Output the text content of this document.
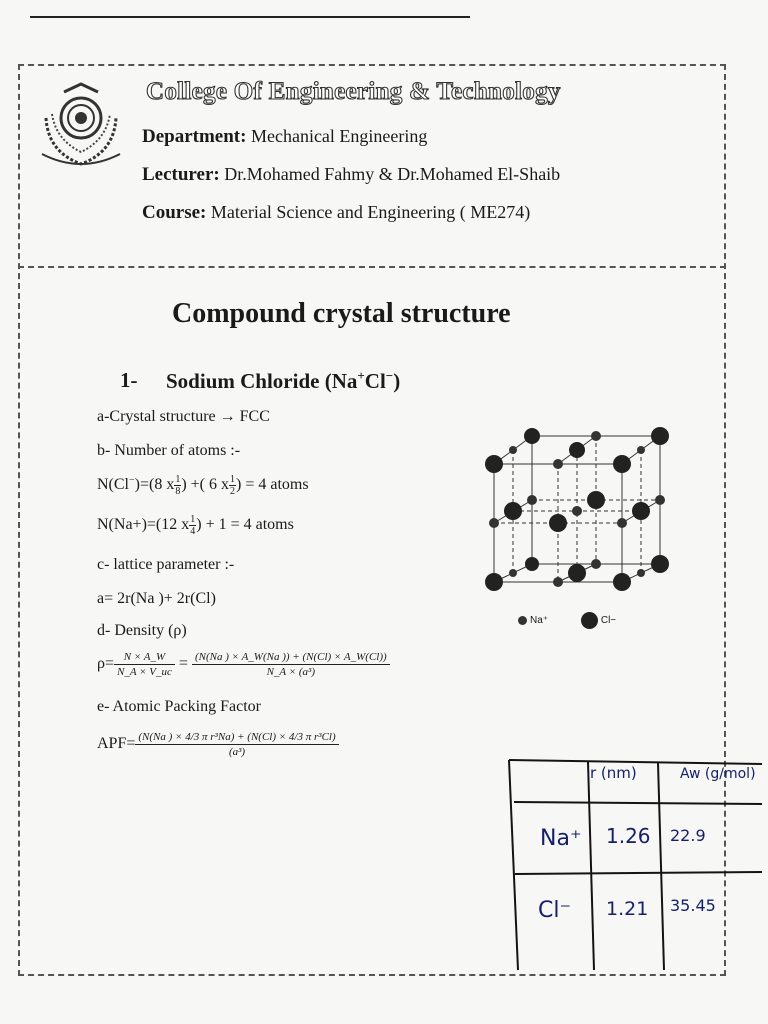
College Of Engineering & Technology
Department: Mechanical Engineering
Lecturer: Dr.Mohamed Fahmy & Dr.Mohamed El-Shaib
Course: Material Science and Engineering ( ME274)
Compound crystal structure
1- Sodium Chloride (Na+Cl−)
a-Crystal structure → FCC
b- Number of atoms :-
N(Cl−)=(8 x $\frac{1}{8}$ ) +( 6 x $\frac{1}{2}$ ) = 4 atoms
N(Na+)=(12 x $\frac{1}{4}$ ) + 1 = 4 atoms
c- lattice parameter :-
a= 2r(Na )+ 2r(Cl)
d- Density (ρ)
$\rho= \frac{N \times A\_W}{N\_A \times V\_uc} = \frac{(N(Na ) \times A\_W(Na )) + (N(Cl) \times A\_W(Cl))}{\text{N\_A × (a³)}}$
e- Atomic Packing Factor
$APF= \frac{\text{(N(Na ) × 4/3 π r³Na) + (N(Cl) × 4/3 π r³Cl)}}{\text{(a³)}}$
Na⁺	Cl−
r (nm)	Aw (g/mol)
Na⁺ 1.26 22.9
Cl⁻ 1.21 35.45
